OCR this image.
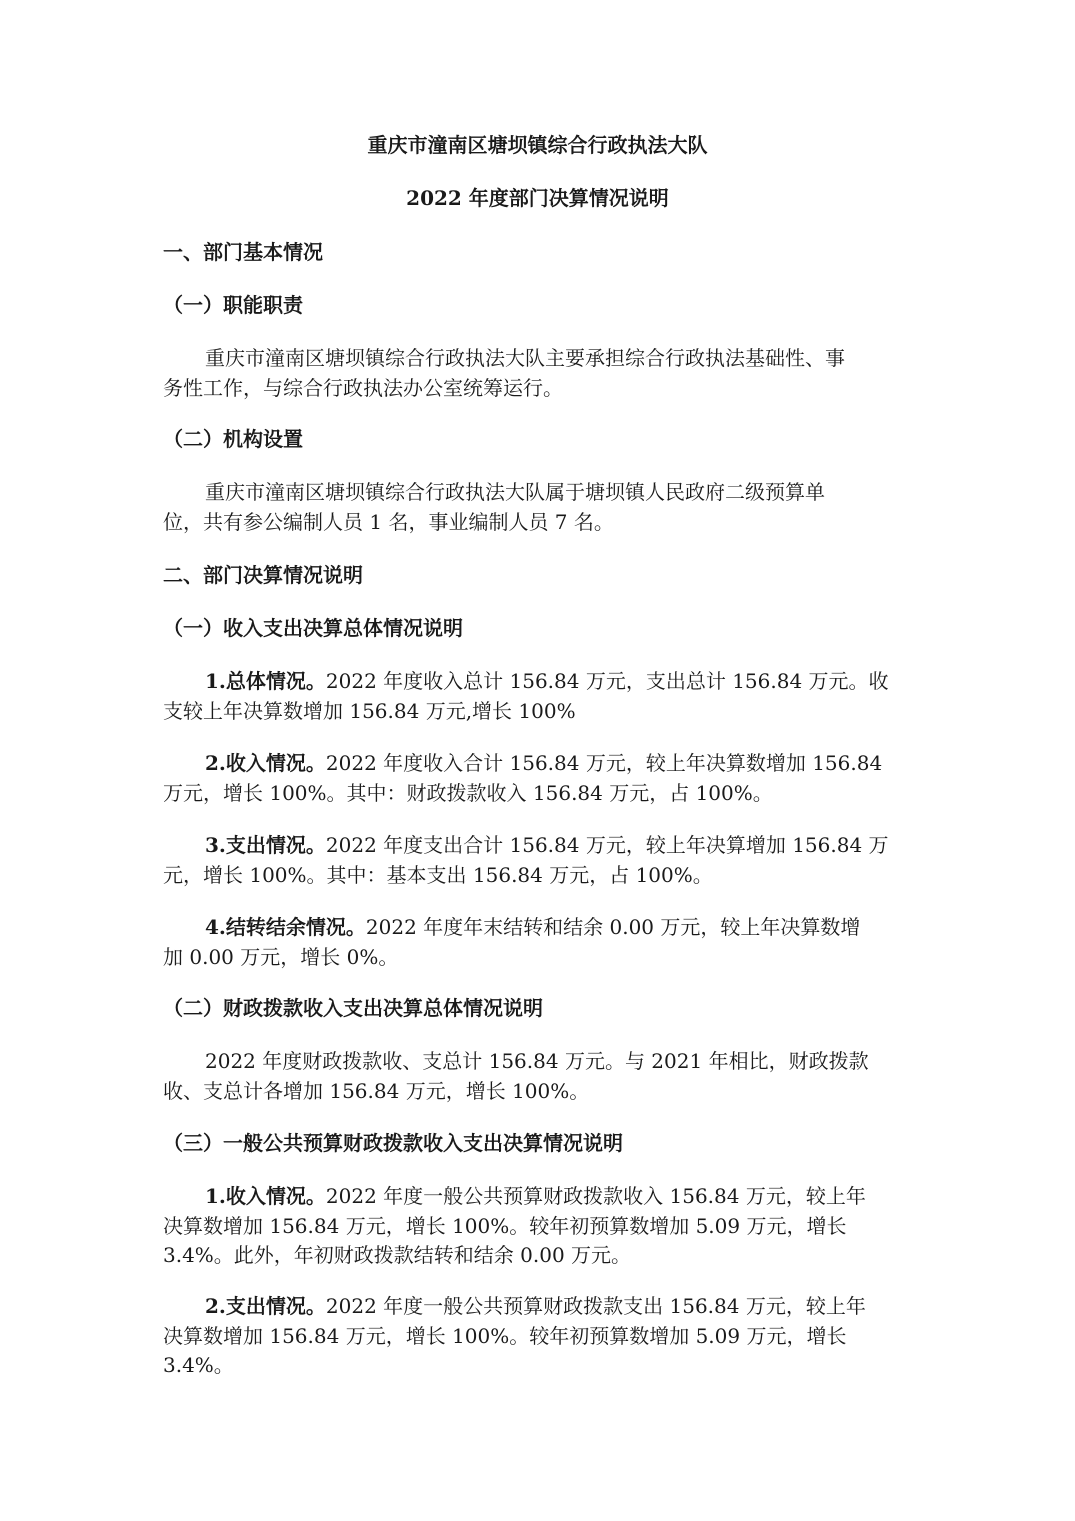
重庆市潼南区塘坝镇综合行政执法大队
2022 年度部门决算情况说明
一、部门基本情况
（一）职能职责
重庆市潼南区塘坝镇综合行政执法大队主要承担综合行政执法基础性、事
务性工作，与综合行政执法办公室统筹运行。
（二）机构设置
重庆市潼南区塘坝镇综合行政执法大队属于塘坝镇人民政府二级预算单
位，共有参公编制人员 1 名，事业编制人员 7 名。
二、部门决算情况说明
（一）收入支出决算总体情况说明
1.总体情况。2022 年度收入总计 156.84 万元，支出总计 156.84 万元。收
支较上年决算数增加 156.84 万元,增长 100%
2.收入情况。2022 年度收入合计 156.84 万元，较上年决算数增加 156.84
万元，增长 100%。其中：财政拨款收入 156.84 万元，占 100%。
3.支出情况。2022 年度支出合计 156.84 万元，较上年决算增加 156.84 万
元，增长 100%。其中：基本支出 156.84 万元，占 100%。
4.结转结余情况。2022 年度年末结转和结余 0.00 万元，较上年决算数增
加 0.00 万元，增长 0%。
（二）财政拨款收入支出决算总体情况说明
2022 年度财政拨款收、支总计 156.84 万元。与 2021 年相比，财政拨款
收、支总计各增加 156.84 万元，增长 100%。
（三）一般公共预算财政拨款收入支出决算情况说明
1.收入情况。2022 年度一般公共预算财政拨款收入 156.84 万元，较上年
决算数增加 156.84 万元，增长 100%。较年初预算数增加 5.09 万元，增长
3.4%。此外，年初财政拨款结转和结余 0.00 万元。
2.支出情况。2022 年度一般公共预算财政拨款支出 156.84 万元，较上年
决算数增加 156.84 万元，增长 100%。较年初预算数增加 5.09 万元，增长
3.4%。
